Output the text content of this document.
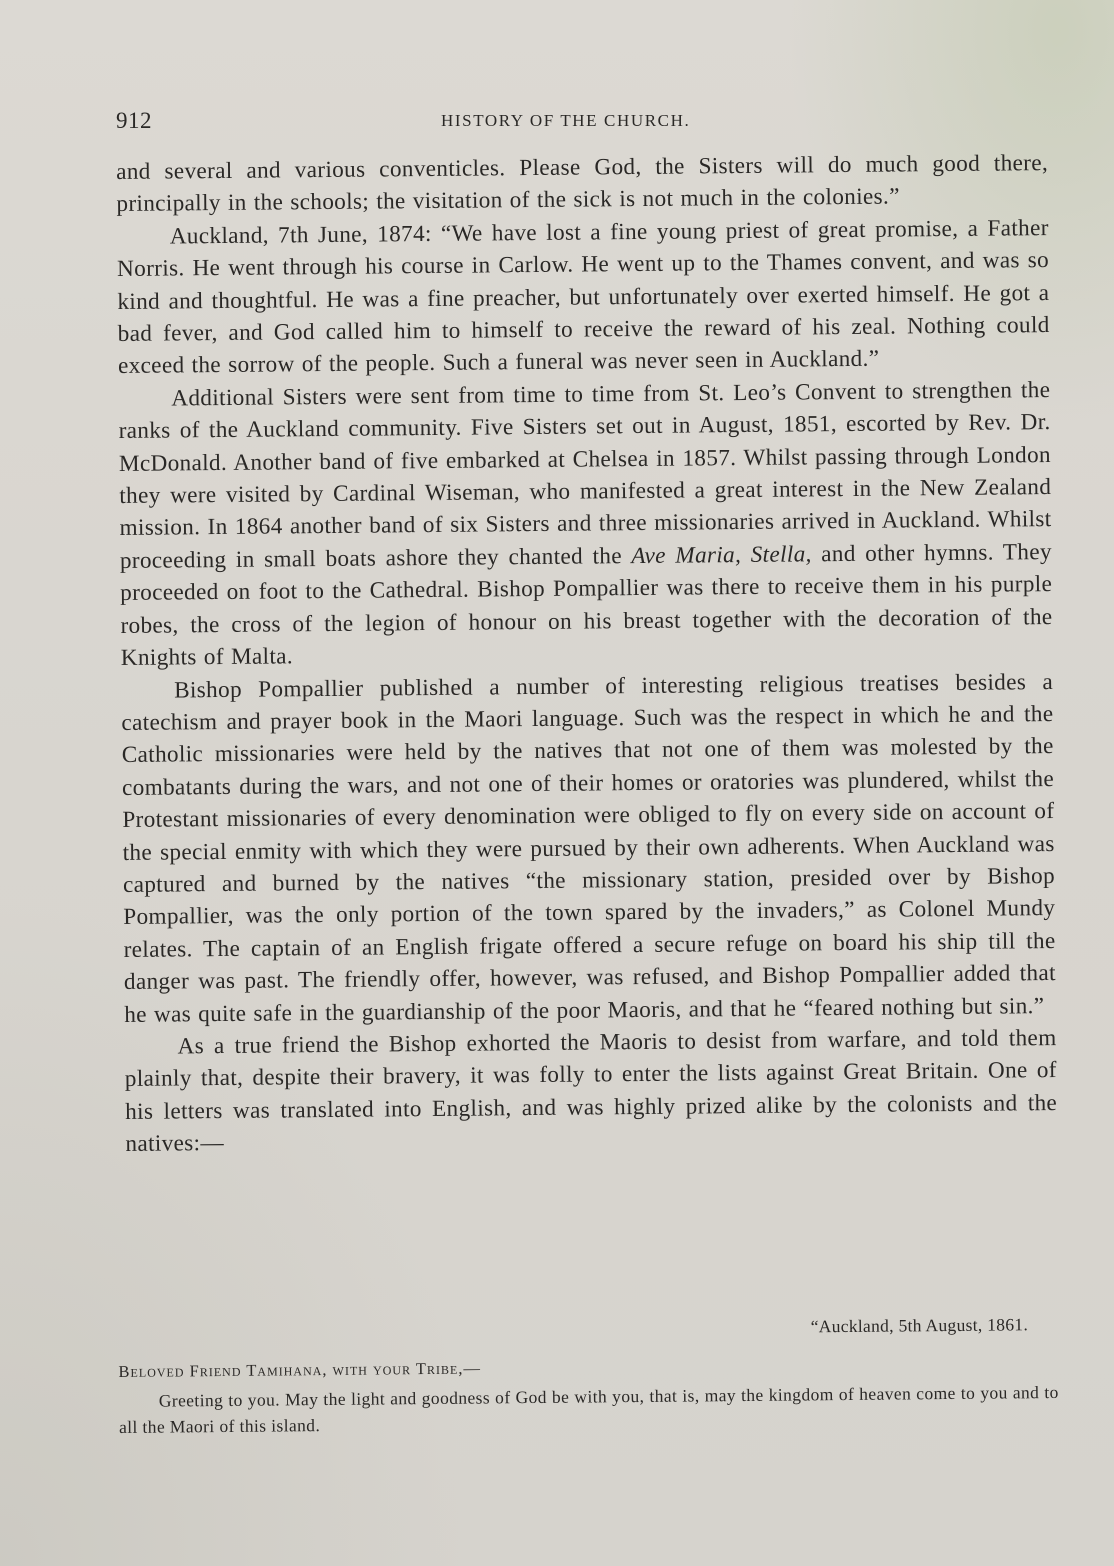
912	HISTORY OF THE CHURCH.

and several and various conventicles. Please God, the Sisters will do much good there, principally in the schools; the visitation of the sick is not much in the colonies.”

Auckland, 7th June, 1874: “We have lost a fine young priest of great promise, a Father Norris. He went through his course in Carlow. He went up to the Thames convent, and was so kind and thoughtful. He was a fine preacher, but unfortunately over exerted himself. He got a bad fever, and God called him to himself to receive the reward of his zeal. Nothing could exceed the sorrow of the people. Such a funeral was never seen in Auckland.”

Additional Sisters were sent from time to time from St. Leo’s Convent to strengthen the ranks of the Auckland community. Five Sisters set out in August, 1851, escorted by Rev. Dr. McDonald. Another band of five embarked at Chelsea in 1857. Whilst passing through London they were visited by Cardinal Wiseman, who manifested a great interest in the New Zealand mission. In 1864 another band of six Sisters and three missionaries arrived in Auckland. Whilst proceeding in small boats ashore they chanted the Ave Maria, Stella, and other hymns. They proceeded on foot to the Cathedral. Bishop Pompallier was there to receive them in his purple robes, the cross of the legion of honour on his breast together with the decoration of the Knights of Malta.

Bishop Pompallier published a number of interesting religious treatises besides a catechism and prayer book in the Maori language. Such was the respect in which he and the Catholic missionaries were held by the natives that not one of them was molested by the combatants during the wars, and not one of their homes or oratories was plundered, whilst the Protestant missionaries of every denomination were obliged to fly on every side on account of the special enmity with which they were pursued by their own adherents. When Auckland was captured and burned by the natives “the missionary station, presided over by Bishop Pompallier, was the only portion of the town spared by the invaders,” as Colonel Mundy relates. The captain of an English frigate offered a secure refuge on board his ship till the danger was past. The friendly offer, however, was refused, and Bishop Pompallier added that he was quite safe in the guardianship of the poor Maoris, and that he “feared nothing but sin.”

As a true friend the Bishop exhorted the Maoris to desist from warfare, and told them plainly that, despite their bravery, it was folly to enter the lists against Great Britain. One of his letters was translated into English, and was highly prized alike by the colonists and the natives:—

“Auckland, 5th August, 1861.
Beloved Friend Tamihana, with your Tribe,—
Greeting to you. May the light and goodness of God be with you, that is, may the kingdom of heaven come to you and to all the Maori of this island.
